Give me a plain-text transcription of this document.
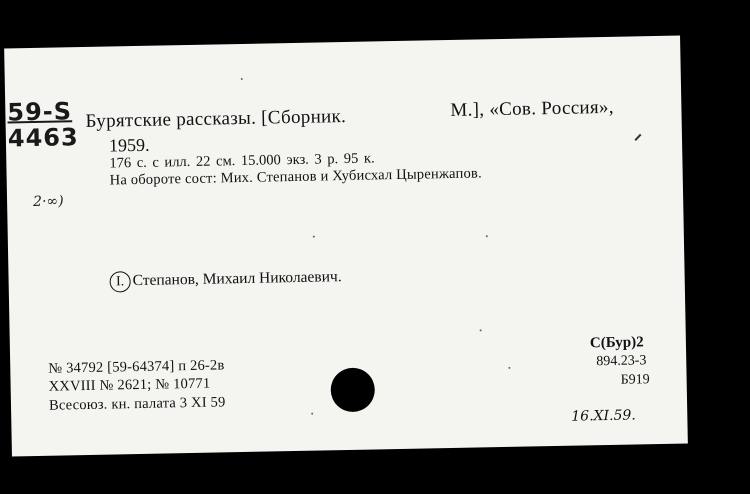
59-S
4463
Бурятские рассказы. [Сборник.	М.], «Сов. Россия»,
1959.
176 с. с илл. 22 см. 15.000 экз. 3 р. 95 к.
На обороте сост: Мих. Степанов и Хубисхал Цыренжапов.
2·∞)
I. Степанов, Михаил Николаевич.
№ 34792 [59-64374] п 26-2в
XXVIII № 2621; № 10771
Всесоюз. кн. палата 3 XI 59
С(Бур)2
894.23-3
Б919
16.XI.59.
